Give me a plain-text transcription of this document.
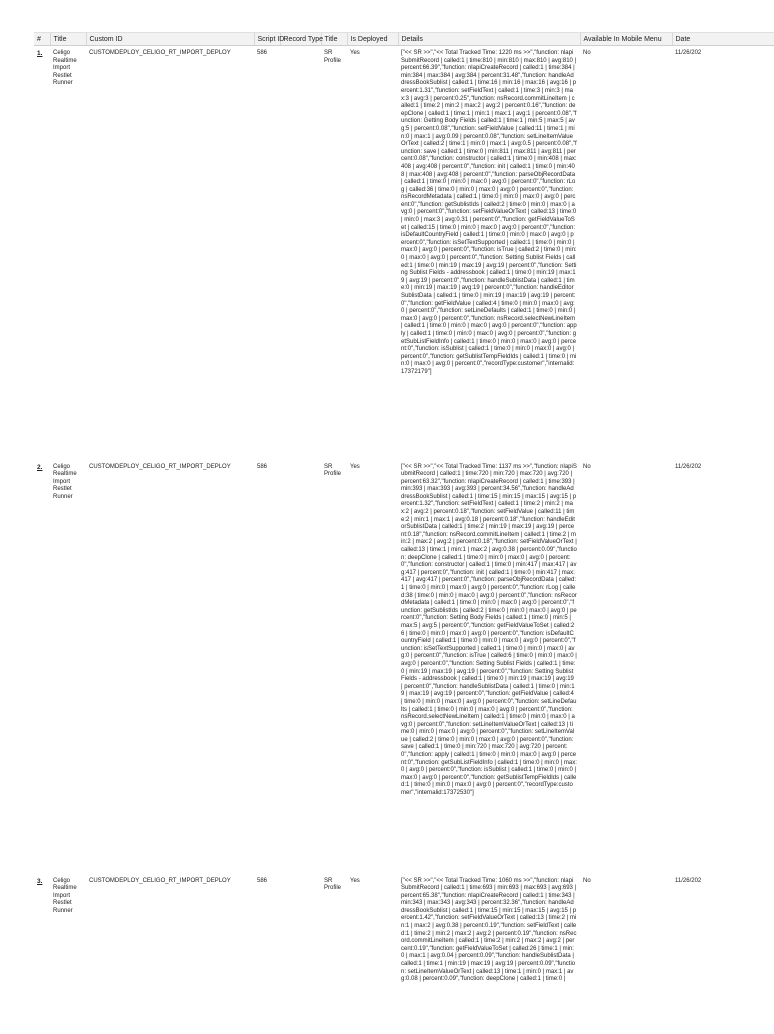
#	Title	Custom ID	Script ID	Record Type	Title	Is Deployed	Details	Available In Mobile Menu	Date
1.	Celigo Realtime Import Restlet Runner	CUSTOMDEPLOY_CELIGO_RT_IMPORT_DEPLOY	586		SR Profile	Yes	["<< SR >>","<< Total Tracked Time: 1220 ms >>","function: nlapiSubmitRecord | called:1 | time:810 | min:810 | max:810 | avg:810 | percent:66.39","function: nlapiCreateRecord | called:1 | time:384 | min:384 | max:384 | avg:384 | percent:31.48","function: handleAddressBookSublist | called:1 | time:16 | min:16 | max:16 | avg:16 | percent:1.31","function: setFieldText | called:1 | time:3 | min:3 | max:3 | avg:3 | percent:0.25","function: nsRecord.commitLineItem | called:1 | time:2 | min:2 | max:2 | avg:2 | percent:0.16","function: deepClone | called:1 | time:1 | min:1 | max:1 | avg:1 | percent:0.08","function: Getting Body Fields | called:1 | time:1 | min:5 | max:5 | avg:5 | percent:0.08","function: setFieldValue | called:11 | time:1 | min:0 | max:1 | avg:0.09 | percent:0.08","function: setLineItemValueOrText | called:2 | time:1 | min:0 | max:1 | avg:0.5 | percent:0.08","function: save | called:1 | time:0 | min:811 | max:811 | avg:811 | percent:0.08","function: constructor | called:1 | time:0 | min:408 | max:408 | avg:408 | percent:0","function: init | called:1 | time:0 | min:408 | max:408 | avg:408 | percent:0","function: parseObjRecordData | called:1 | time:0 | min:0 | max:0 | avg:0 | percent:0","function: rLog | called:36 | time:0 | min:0 | max:0 | avg:0 | percent:0","function: nsRecordMetadata | called:1 | time:0 | min:0 | max:0 | avg:0 | percent:0","function: getSublistIds | called:2 | time:0 | min:0 | max:0 | avg:0 | percent:0","function: setFieldValueOrText | called:13 | time:0 | min:0 | max:3 | avg:0.31 | percent:0","function: getFieldValueToSet | called:15 | time:0 | min:0 | max:0 | avg:0 | percent:0","function: isDefaultCountryField | called:1 | time:0 | min:0 | max:0 | avg:0 | percent:0","function: isSetTextSupported | called:1 | time:0 | min:0 | max:0 | avg:0 | percent:0","function: isTrue | called:2 | time:0 | min:0 | max:0 | avg:0 | percent:0","function: Setting Sublist Fields | called:1 | time:0 | min:19 | max:19 | avg:19 | percent:0","function: Setting Sublist Fields - addressbook | called:1 | time:0 | min:19 | max:19 | avg:19 | percent:0","function: handleSublistData | called:1 | time:0 | min:19 | max:19 | avg:19 | percent:0","function: handleEditorSublistData | called:1 | time:0 | min:19 | max:19 | avg:19 | percent:0","function: getFieldValue | called:4 | time:0 | min:0 | max:0 | avg:0 | percent:0","function: setLineDefaults | called:1 | time:0 | min:0 | max:0 | avg:0 | percent:0","function: nsRecord.selectNewLineItem | called:1 | time:0 | min:0 | max:0 | avg:0 | percent:0","function: apply | called:1 | time:0 | min:0 | max:0 | avg:0 | percent:0","function: getSubListFieldInfo | called:1 | time:0 | min:0 | max:0 | avg:0 | percent:0","function: isSublist | called:1 | time:0 | min:0 | max:0 | avg:0 | percent:0","function: getSublistTempFieldIds | called:1 | time:0 | min:0 | max:0 | avg:0 | percent:0","recordType:customer","internalid:17372179"]	No	11/26/202
2.	Celigo Realtime Import Restlet Runner	CUSTOMDEPLOY_CELIGO_RT_IMPORT_DEPLOY	586		SR Profile	Yes	["<< SR >>","<< Total Tracked Time: 1137 ms >>","function: nlapiSubmitRecord | called:1 | time:720 | min:720 | max:720 | avg:720 | percent:63.32","function: nlapiCreateRecord | called:1 | time:393 | min:393 | max:393 | avg:393 | percent:34.56","function: handleAddressBookSublist | called:1 | time:15 | min:15 | max:15 | avg:15 | percent:1.32","function: setFieldText | called:1 | time:2 | min:2 | max:2 | avg:2 | percent:0.18","function: setFieldValue | called:11 | time:2 | min:1 | max:1 | avg:0.18 | percent:0.18","function: handleEditorSublistData | called:1 | time:2 | min:19 | max:19 | avg:19 | percent:0.18","function: nsRecord.commitLineItem | called:1 | time:2 | min:2 | max:2 | avg:2 | percent:0.18","function: setFieldValueOrText | called:13 | time:1 | min:1 | max:2 | avg:0.38 | percent:0.09","function: deepClone | called:1 | time:0 | min:0 | max:0 | avg:0 | percent:0","function: constructor | called:1 | time:0 | min:417 | max:417 | avg:417 | percent:0","function: init | called:1 | time:0 | min:417 | max:417 | avg:417 | percent:0","function: parseObjRecordData | called:1 | time:0 | min:0 | max:0 | avg:0 | percent:0","function: rLog | called:38 | time:0 | min:0 | max:0 | avg:0 | percent:0","function: nsRecordMetadata | called:1 | time:0 | min:0 | max:0 | avg:0 | percent:0","function: getSublistIds | called:2 | time:0 | min:0 | max:0 | avg:0 | percent:0","function: Setting Body Fields | called:1 | time:0 | min:5 | max:5 | avg:5 | percent:0","function: getFieldValueToSet | called:26 | time:0 | min:0 | max:0 | avg:0 | percent:0","function: isDefaultCountryField | called:1 | time:0 | min:0 | max:0 | avg:0 | percent:0","function: isSetTextSupported | called:1 | time:0 | min:0 | max:0 | avg:0 | percent:0","function: isTrue | called:6 | time:0 | min:0 | max:0 | avg:0 | percent:0","function: Setting Sublist Fields | called:1 | time:0 | min:19 | max:19 | avg:19 | percent:0","function: Setting Sublist Fields - addressbook | called:1 | time:0 | min:19 | max:19 | avg:19 | percent:0","function: handleSublistData | called:1 | time:0 | min:19 | max:19 | avg:19 | percent:0","function: getFieldValue | called:4 | time:0 | min:0 | max:0 | avg:0 | percent:0","function: setLineDefaults | called:1 | time:0 | min:0 | max:0 | avg:0 | percent:0","function: nsRecord.selectNewLineItem | called:1 | time:0 | min:0 | max:0 | avg:0 | percent:0","function: setLineItemValueOrText | called:13 | time:0 | min:0 | max:0 | avg:0 | percent:0","function: setLineItemValue | called:2 | time:0 | min:0 | max:0 | avg:0 | percent:0","function: save | called:1 | time:0 | min:720 | max:720 | avg:720 | percent:0","function: apply | called:1 | time:0 | min:0 | max:0 | avg:0 | percent:0","function: getSubListFieldInfo | called:1 | time:0 | min:0 | max:0 | avg:0 | percent:0","function: isSublist | called:1 | time:0 | min:0 | max:0 | avg:0 | percent:0","function: getSublistTempFieldIds | called:1 | time:0 | min:0 | max:0 | avg:0 | percent:0","recordType:customer","internalid:17372530"]	No	11/26/202
3.	Celigo Realtime Import Restlet Runner	CUSTOMDEPLOY_CELIGO_RT_IMPORT_DEPLOY	586		SR Profile	Yes	["<< SR >>","<< Total Tracked Time: 1060 ms >>","function: nlapiSubmitRecord | called:1 | time:693 | min:693 | max:693 | avg:693 | percent:65.38","function: nlapiCreateRecord | called:1 | time:343 | min:343 | max:343 | avg:343 | percent:32.36","function: handleAddressBookSublist | called:1 | time:15 | min:15 | max:15 | avg:15 | percent:1.42","function: setFieldValueOrText | called:13 | time:2 | min:1 | max:2 | avg:0.38 | percent:0.19","function: setFieldText | called:1 | time:2 | min:2 | max:2 | avg:2 | percent:0.19","function: nsRecord.commitLineItem | called:1 | time:2 | min:2 | max:2 | avg:2 | percent:0.19","function: getFieldValueToSet | called:26 | time:1 | min:0 | max:1 | avg:0.04 | percent:0.09","function: handleSublistData | called:1 | time:1 | min:19 | max:19 | avg:19 | percent:0.09","function: setLineItemValueOrText | called:13 | time:1 | min:0 | max:1 | avg:0.08 | percent:0.09","function: deepClone | called:1 | time:0 |	No	11/26/202
